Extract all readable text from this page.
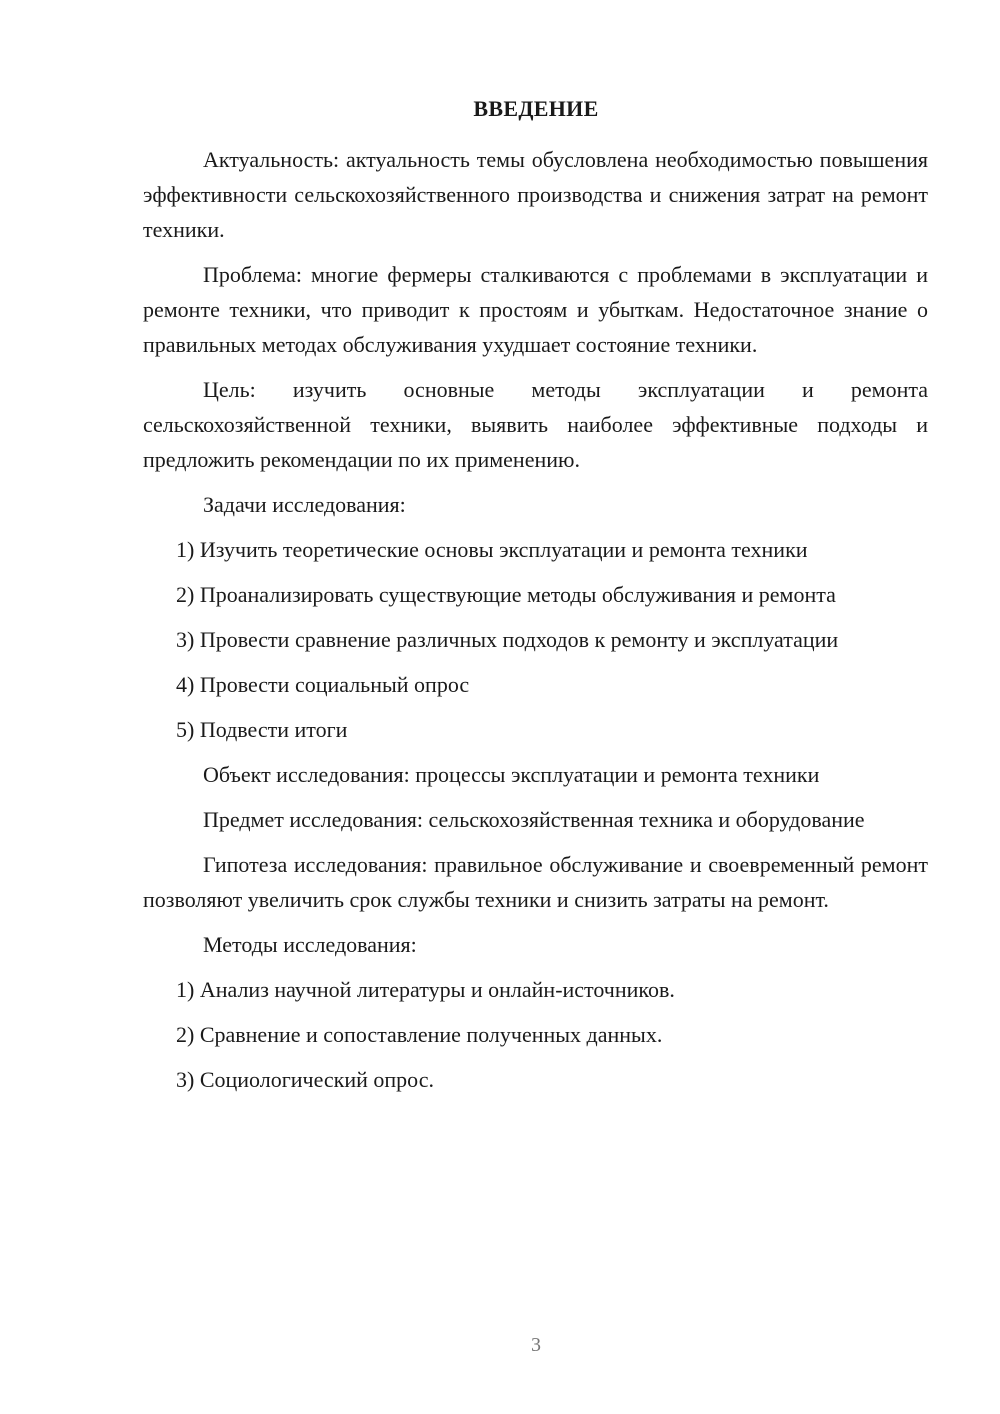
ВВЕДЕНИЕ

Актуальность: актуальность темы обусловлена необходимостью повышения эффективности сельскохозяйственного производства и снижения затрат на ремонт техники.

Проблема: многие фермеры сталкиваются с проблемами в эксплуатации и ремонте техники, что приводит к простоям и убыткам. Недостаточное знание о правильных методах обслуживания ухудшает состояние техники.

Цель: изучить основные методы эксплуатации и ремонта сельскохозяйственной техники, выявить наиболее эффективные подходы и предложить рекомендации по их применению.

Задачи исследования:

1) Изучить теоретические основы эксплуатации и ремонта техники

2) Проанализировать существующие методы обслуживания и ремонта

3) Провести сравнение различных подходов к ремонту и эксплуатации

4) Провести социальный опрос

5) Подвести итоги

Объект исследования: процессы эксплуатации и ремонта техники

Предмет исследования: сельскохозяйственная техника и оборудование

Гипотеза исследования: правильное обслуживание и своевременный ремонт позволяют увеличить срок службы техники и снизить затраты на ремонт.

Методы исследования:

1) Анализ научной литературы и онлайн-источников.

2) Сравнение и сопоставление полученных данных.

3) Социологический опрос.

3
